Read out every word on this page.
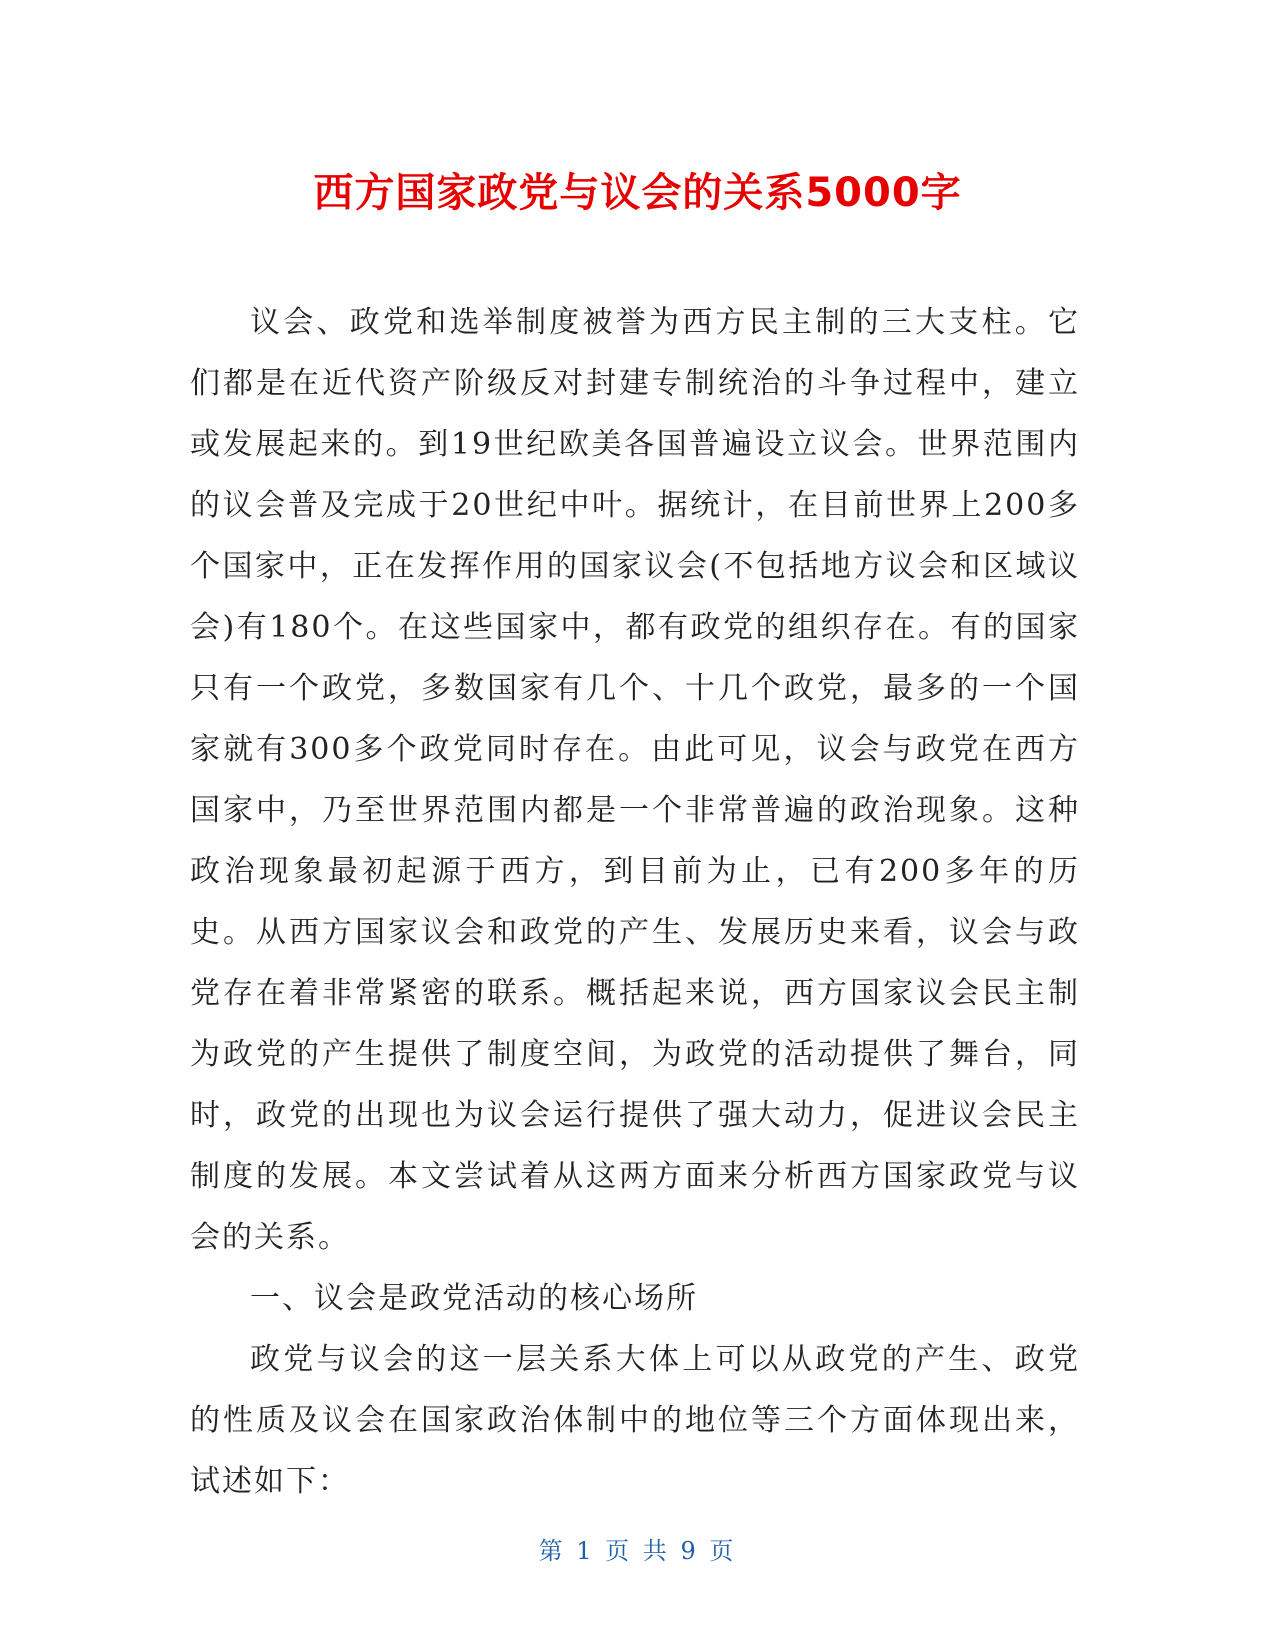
西方国家政党与议会的关系5000字

议会、政党和选举制度被誉为西方民主制的三大支柱。它们都是在近代资产阶级反对封建专制统治的斗争过程中，建立或发展起来的。到19世纪欧美各国普遍设立议会。世界范围内的议会普及完成于20世纪中叶。据统计，在目前世界上200多个国家中，正在发挥作用的国家议会(不包括地方议会和区域议会)有180个。在这些国家中，都有政党的组织存在。有的国家只有一个政党，多数国家有几个、十几个政党，最多的一个国家就有300多个政党同时存在。由此可见，议会与政党在西方国家中，乃至世界范围内都是一个非常普遍的政治现象。这种政治现象最初起源于西方，到目前为止，已有200多年的历史。从西方国家议会和政党的产生、发展历史来看，议会与政党存在着非常紧密的联系。概括起来说，西方国家议会民主制为政党的产生提供了制度空间，为政党的活动提供了舞台，同时，政党的出现也为议会运行提供了强大动力，促进议会民主制度的发展。本文尝试着从这两方面来分析西方国家政党与议会的关系。

一、议会是政党活动的核心场所

政党与议会的这一层关系大体上可以从政党的产生、政党的性质及议会在国家政治体制中的地位等三个方面体现出来，试述如下：

第 1 页 共 9 页
